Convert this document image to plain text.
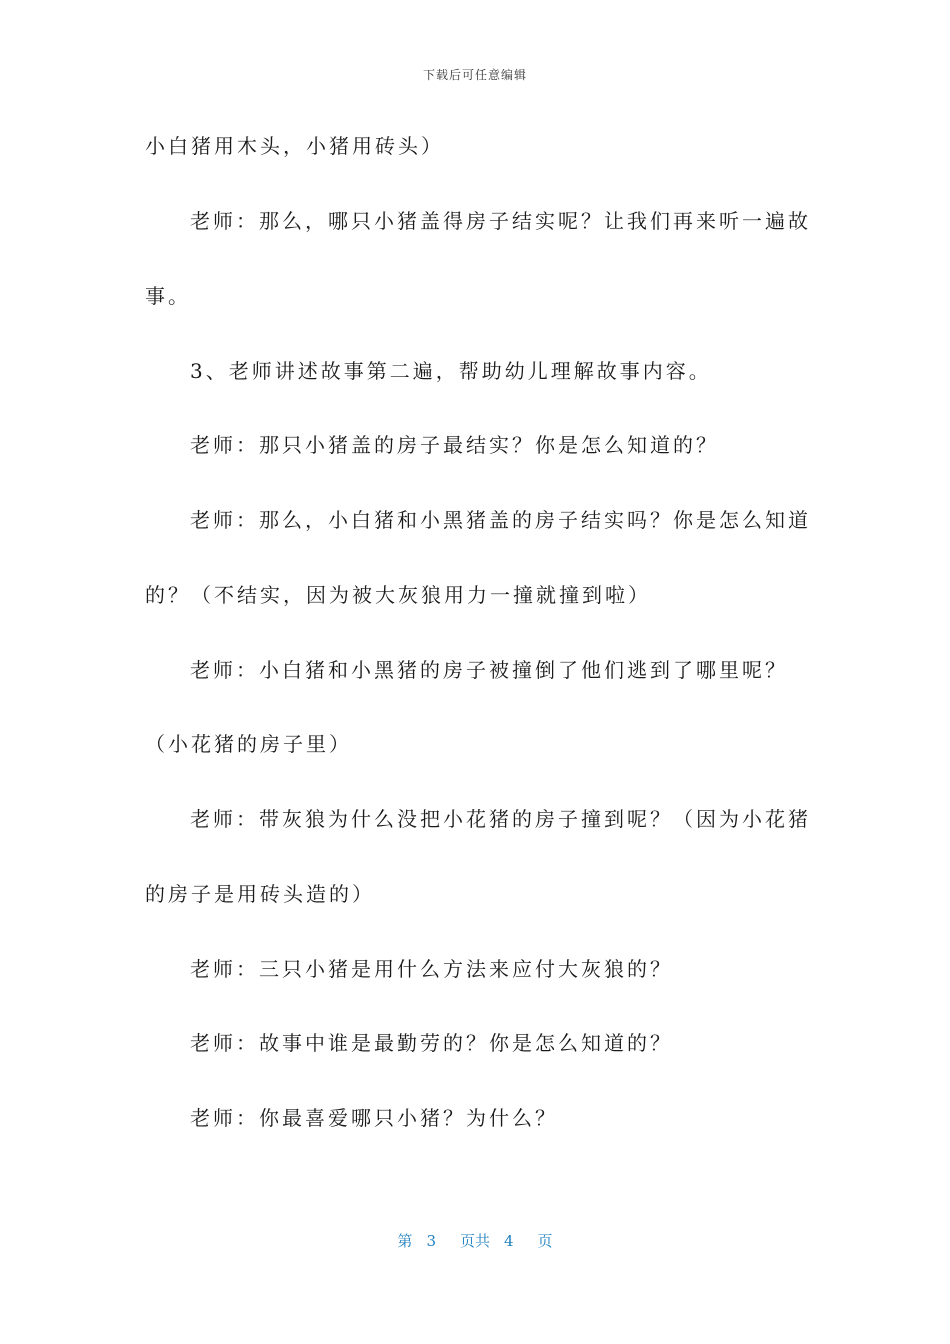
下载后可任意编辑
小白猪用木头，小猪用砖头）
老师：那么，哪只小猪盖得房子结实呢？让我们再来听一遍故
事。
3、老师讲述故事第二遍，帮助幼儿理解故事内容。
老师：那只小猪盖的房子最结实？你是怎么知道的？
老师：那么，小白猪和小黑猪盖的房子结实吗？你是怎么知道
的？（不结实，因为被大灰狼用力一撞就撞到啦）
老师：小白猪和小黑猪的房子被撞倒了他们逃到了哪里呢？
（小花猪的房子里）
老师：带灰狼为什么没把小花猪的房子撞到呢？（因为小花猪
的房子是用砖头造的）
老师：三只小猪是用什么方法来应付大灰狼的？
老师：故事中谁是最勤劳的？你是怎么知道的？
老师：你最喜爱哪只小猪？为什么？
第 3 页共 4 页
